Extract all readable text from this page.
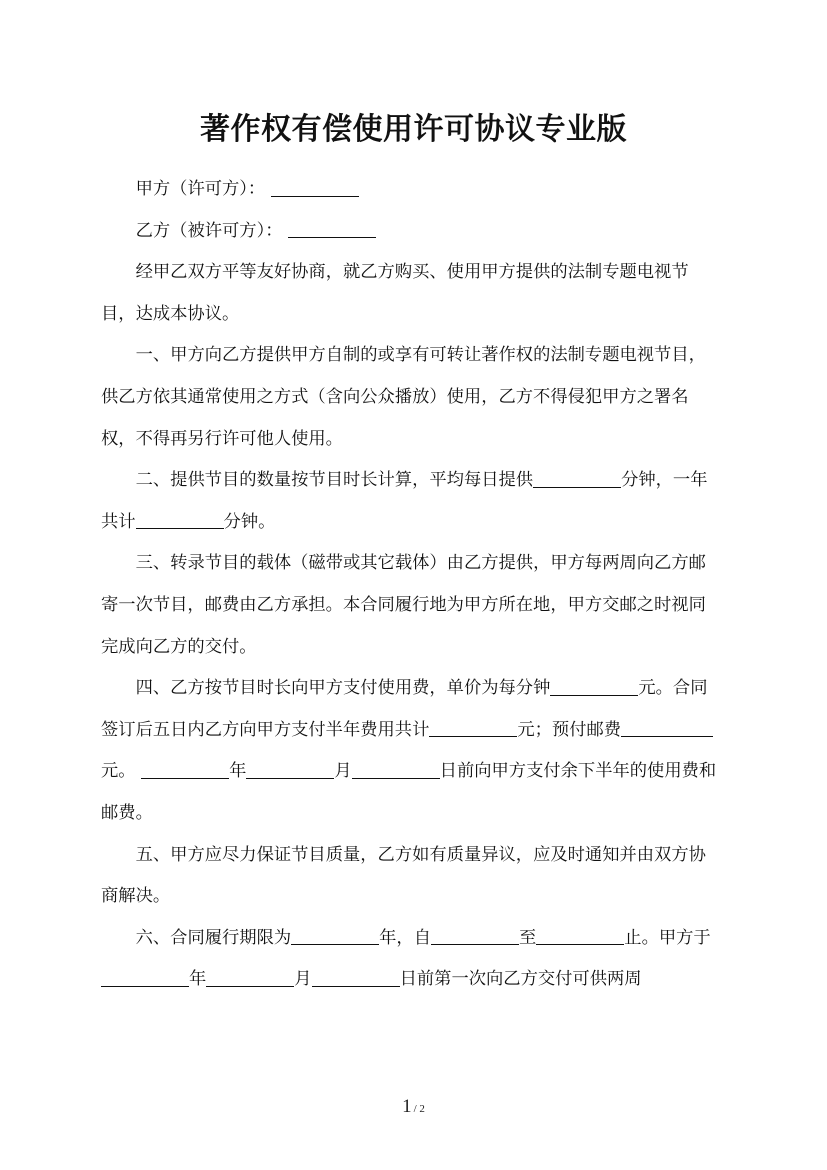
著作权有偿使用许可协议专业版

甲方（许可方）：

乙方（被许可方）：

经甲乙双方平等友好协商，就乙方购买、使用甲方提供的法制专题电视节目，达成本协议。

一、甲方向乙方提供甲方自制的或享有可转让著作权的法制专题电视节目，供乙方依其通常使用之方式（含向公众播放）使用，乙方不得侵犯甲方之署名权，不得再另行许可他人使用。

二、提供节目的数量按节目时长计算，平均每日提供	分钟，一年共计	分钟。

三、转录节目的载体（磁带或其它载体）由乙方提供，甲方每两周向乙方邮寄一次节目，邮费由乙方承担。本合同履行地为甲方所在地，甲方交邮之时视同完成向乙方的交付。

四、乙方按节目时长向甲方支付使用费，单价为每分钟	元。合同签订后五日内乙方向甲方支付半年费用共计	元；预付邮费元。	年	月	日前向甲方支付余下半年的使用费和邮费。

五、甲方应尽力保证节目质量，乙方如有质量异议，应及时通知并由双方协商解决。

六、合同履行期限为	年，自	至	止。甲方于年	月	日前第一次向乙方交付可供两周

1 / 2
